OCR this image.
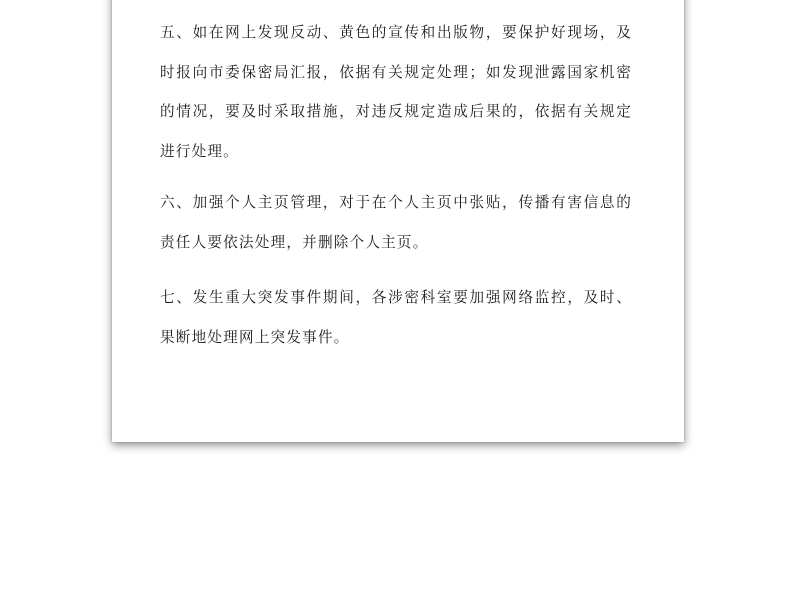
五、如在网上发现反动、黄色的宣传和出版物，要保护好现场，及时报向市委保密局汇报，依据有关规定处理；如发现泄露国家机密的情况，要及时采取措施，对违反规定造成后果的，依据有关规定进行处理。

六、加强个人主页管理，对于在个人主页中张贴，传播有害信息的责任人要依法处理，并删除个人主页。

七、发生重大突发事件期间，各涉密科室要加强网络监控，及时、果断地处理网上突发事件。
